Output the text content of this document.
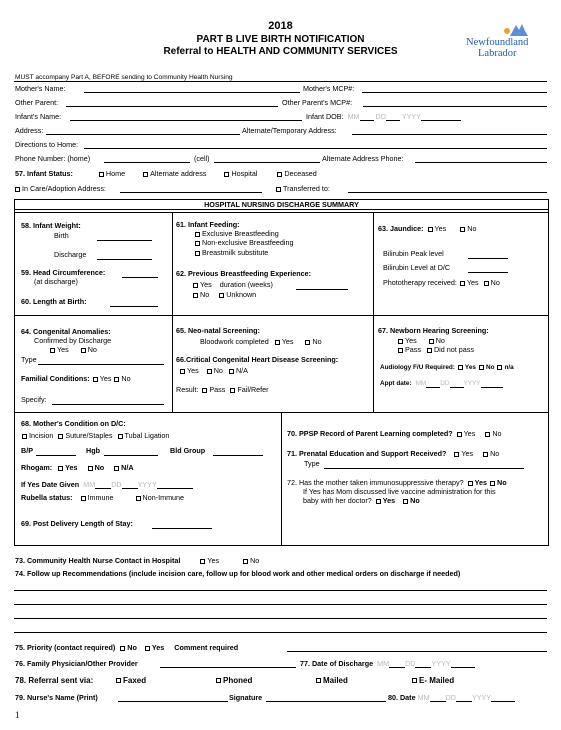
2018
PART B LIVE BIRTH NOTIFICATION
Referral to HEALTH AND COMMUNITY SERVICES
Newfoundland
Labrador
MUST accompany Part A, BEFORE sending to Community Health Nursing
Mother's Name:	Mother's MCP#:
Other Parent:	Other Parent's MCP#:
Infant's Name:	Infant DOB: MM DD YYYY
Address:	Alternate/Temporary Address:
Directions to Home:
Phone Number: (home)	(cell)	Alternate Address Phone:
57. Infant Status:	Home	Alternate address	Hospital	Deceased
In Care/Adoption Address:	Transferred to:
HOSPITAL NURSING DISCHARGE SUMMARY
58. Infant Weight:
Birth
Discharge
59. Head Circumference:
(at discharge)
60. Length at Birth:
61. Infant Feeding:
Exclusive Breastfeeding
Non-exclusive Breastfeeding
Breastmilk substitute
62. Previous Breastfeeding Experience:
Yes duration (weeks)
No Unknown
63. Jaundice: Yes	No
Bilirubin Peak level
Bilirubin Level at D/C
Phototherapy received: Yes No
64. Congenital Anomalies:
Confirmed by Discharge
Yes	No
Type
Familial Conditions: Yes No
Specify:
65. Neo-natal Screening:
Bloodwork completed Yes	No
66.Critical Congenital Heart Disease Screening:
Yes No N/A
Result: Pass Fail/Refer
67. Newborn Hearing Screening:
Yes	No
Pass Did not pass
Audiology F/U Required: Yes No n/a
Appt date: MM DD YYYY
68. Mother's Condition on D/C:
Incision Suture/Staples Tubal Ligation
B/P	Hgb	Bld Group
Rhogam: Yes No N/A
If Yes Date Given MM DD YYYY
Rubella status: Immune	Non-Immune
69. Post Delivery Length of Stay:
70. PPSP Record of Parent Learning completed? Yes No
71. Prenatal Education and Support Received? Yes No
Type
72. Has the mother taken immunosuppressive therapy? Yes No
If Yes has Mom discussed live vaccine administration for this
baby with her doctor? Yes No
73. Community Health Nurse Contact in Hospital	Yes	No
74. Follow up Recommendations (include incision care, follow up for blood work and other medical orders on discharge if needed)
75. Priority (contact required) No Yes Comment required
76. Family Physician/Other Provider	77. Date of Discharge MM DD YYYY
78. Referral sent via:	Faxed	Phoned	Mailed	E- Mailed
79. Nurse's Name (Print)	Signature	80. Date MM DD YYYY
1
